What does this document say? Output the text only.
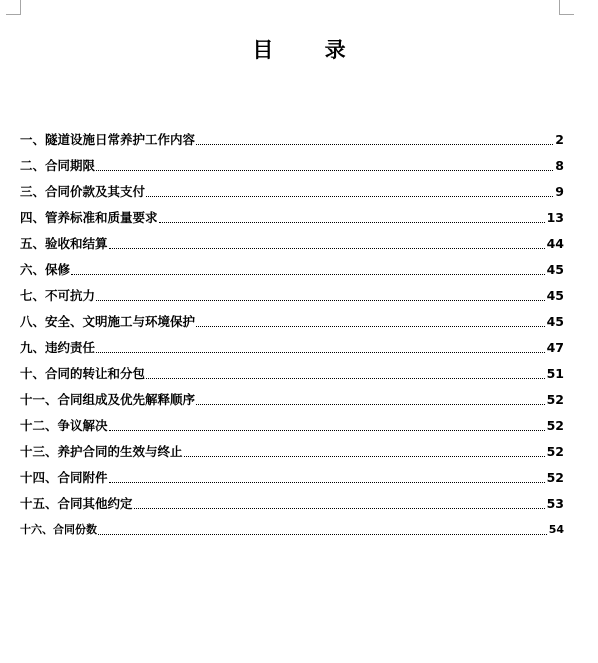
目 录
一、隧道设施日常养护工作内容	2
二、合同期限	8
三、合同价款及其支付	9
四、管养标准和质量要求	13
五、验收和结算	44
六、保修	45
七、不可抗力	45
八、安全、文明施工与环境保护	45
九、违约责任	47
十、合同的转让和分包	51
十一、合同组成及优先解释顺序	52
十二、争议解决	52
十三、养护合同的生效与终止	52
十四、合同附件	52
十五、合同其他约定	53
十六、合同份数	54
